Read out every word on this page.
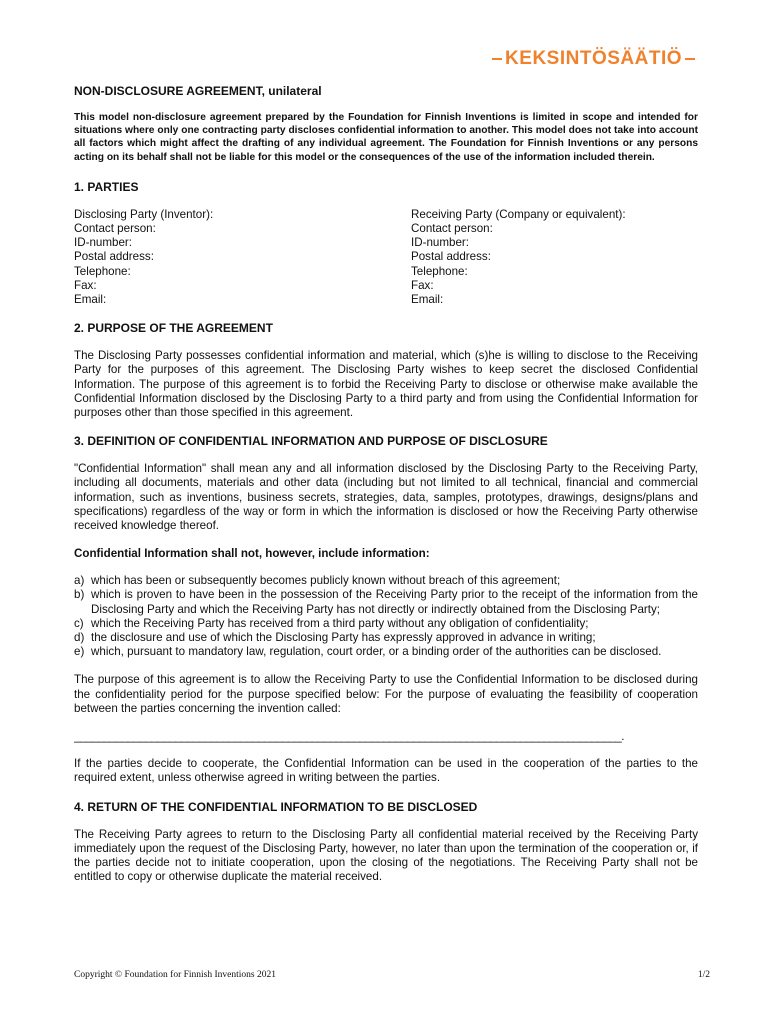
KEKSINTÖSÄÄTIÖ
NON-DISCLOSURE AGREEMENT, unilateral
This model non-disclosure agreement prepared by the Foundation for Finnish Inventions is limited in scope and intended for situations where only one contracting party discloses confidential information to another. This model does not take into account all factors which might affect the drafting of any individual agreement. The Foundation for Finnish Inventions or any persons acting on its behalf shall not be liable for this model or the consequences of the use of the information included therein.
1. PARTIES
Disclosing Party (Inventor):
Contact person:
ID-number:
Postal address:
Telephone:
Fax:
Email:
Receiving Party (Company or equivalent):
Contact person:
ID-number:
Postal address:
Telephone:
Fax:
Email:
2. PURPOSE OF THE AGREEMENT

The Disclosing Party possesses confidential information and material, which (s)he is willing to disclose to the Receiving Party for the purposes of this agreement. The Disclosing Party wishes to keep secret the disclosed Confidential Information. The purpose of this agreement is to forbid the Receiving Party to disclose or otherwise make available the Confidential Information disclosed by the Disclosing Party to a third party and from using the Confidential Information for purposes other than those specified in this agreement.

3. DEFINITION OF CONFIDENTIAL INFORMATION AND PURPOSE OF DISCLOSURE

"Confidential Information" shall mean any and all information disclosed by the Disclosing Party to the Receiving Party, including all documents, materials and other data (including but not limited to all technical, financial and commercial information, such as inventions, business secrets, strategies, data, samples, prototypes, drawings, designs/plans and specifications) regardless of the way or form in which the information is disclosed or how the Receiving Party otherwise received knowledge thereof.

Confidential Information shall not, however, include information:
a) which has been or subsequently becomes publicly known without breach of this agreement;
b) which is proven to have been in the possession of the Receiving Party prior to the receipt of the information from the Disclosing Party and which the Receiving Party has not directly or indirectly obtained from the Disclosing Party;
c) which the Receiving Party has received from a third party without any obligation of confidentiality;
d) the disclosure and use of which the Disclosing Party has expressly approved in advance in writing;
e) which, pursuant to mandatory law, regulation, court order, or a binding order of the authorities can be disclosed.

The purpose of this agreement is to allow the Receiving Party to use the Confidential Information to be disclosed during the confidentiality period for the purpose specified below: For the purpose of evaluating the feasibility of cooperation between the parties concerning the invention called:

____________________________________________________________________________________________.

If the parties decide to cooperate, the Confidential Information can be used in the cooperation of the parties to the required extent, unless otherwise agreed in writing between the parties.

4. RETURN OF THE CONFIDENTIAL INFORMATION TO BE DISCLOSED

The Receiving Party agrees to return to the Disclosing Party all confidential material received by the Receiving Party immediately upon the request of the Disclosing Party, however, no later than upon the termination of the cooperation or, if the parties decide not to initiate cooperation, upon the closing of the negotiations. The Receiving Party shall not be entitled to copy or otherwise duplicate the material received.

Copyright © Foundation for Finnish Inventions 2021	1/2
